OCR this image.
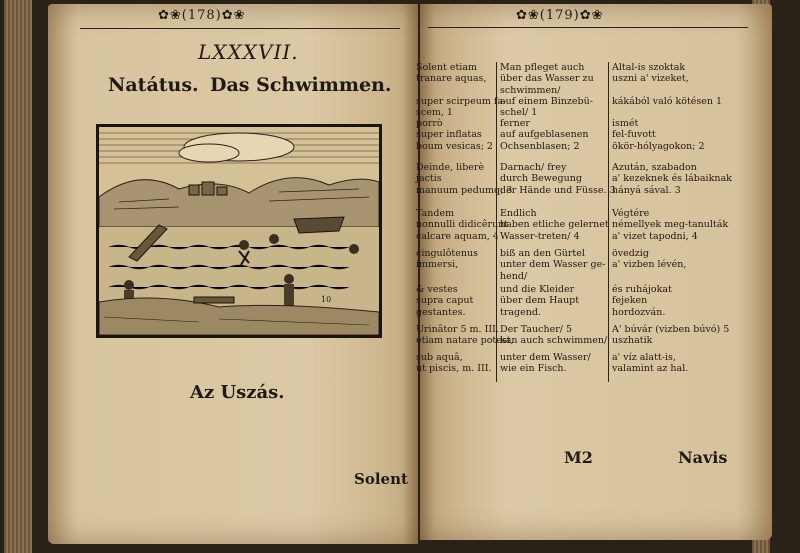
✿❀(178)✿❀
LXXXVII.
Natátus. Das Schwimmen.
10
Az Uszás.
Solent
✿❀(179)✿❀
Solent etiam
tranare aquas,
super scirpeum fa-
scem, 1
porrò
super inflatas
boum vesicas; 2
Deinde, liberè
jactis
manuum pedumq; 3
Tandem
nonnulli didicêrunt
calcare aquam, 4
cingulôtenus
immersi,
& vestes
supra caput
gestantes.
Urinâtor 5 m. III.
etiam natare potest,
sub aquâ,
ut piscis, m. III.
Man pfleget auch
über das Wasser zu
schwimmen/
auf einem Binzebü-
schel/ 1
ferner
auf aufgeblasenen
Ochsenblasen; 2
Darnach/ frey
durch Bewegung
der Hände und Füsse. 3
Endlich
haben etliche gelernet
Wasser-treten/ 4
biß an den Gürtel
unter dem Wasser ge-
hend/
und die Kleider
über dem Haupt
tragend.
Der Taucher/ 5
kan auch schwimmen/
unter dem Wasser/
wie ein Fisch.
Altal-is szoktak
uszni a' vizeket,
kákából való kötésen 1
ismét
fel-fuvott
ökör-hólyagokon; 2
Azután, szabadon
a' kezeknek és lábaiknak
hányá sával. 3
Végtére
némellyek meg-tanulták
a' vizet tapodni, 4
övedzig
a' vizben lévén,
és ruhájokat
fejeken
hordozván.
A' búvár (vizben búvó) 5
uszhatik
a' víz alatt-is,
valamint az hal.
M2	Navis
